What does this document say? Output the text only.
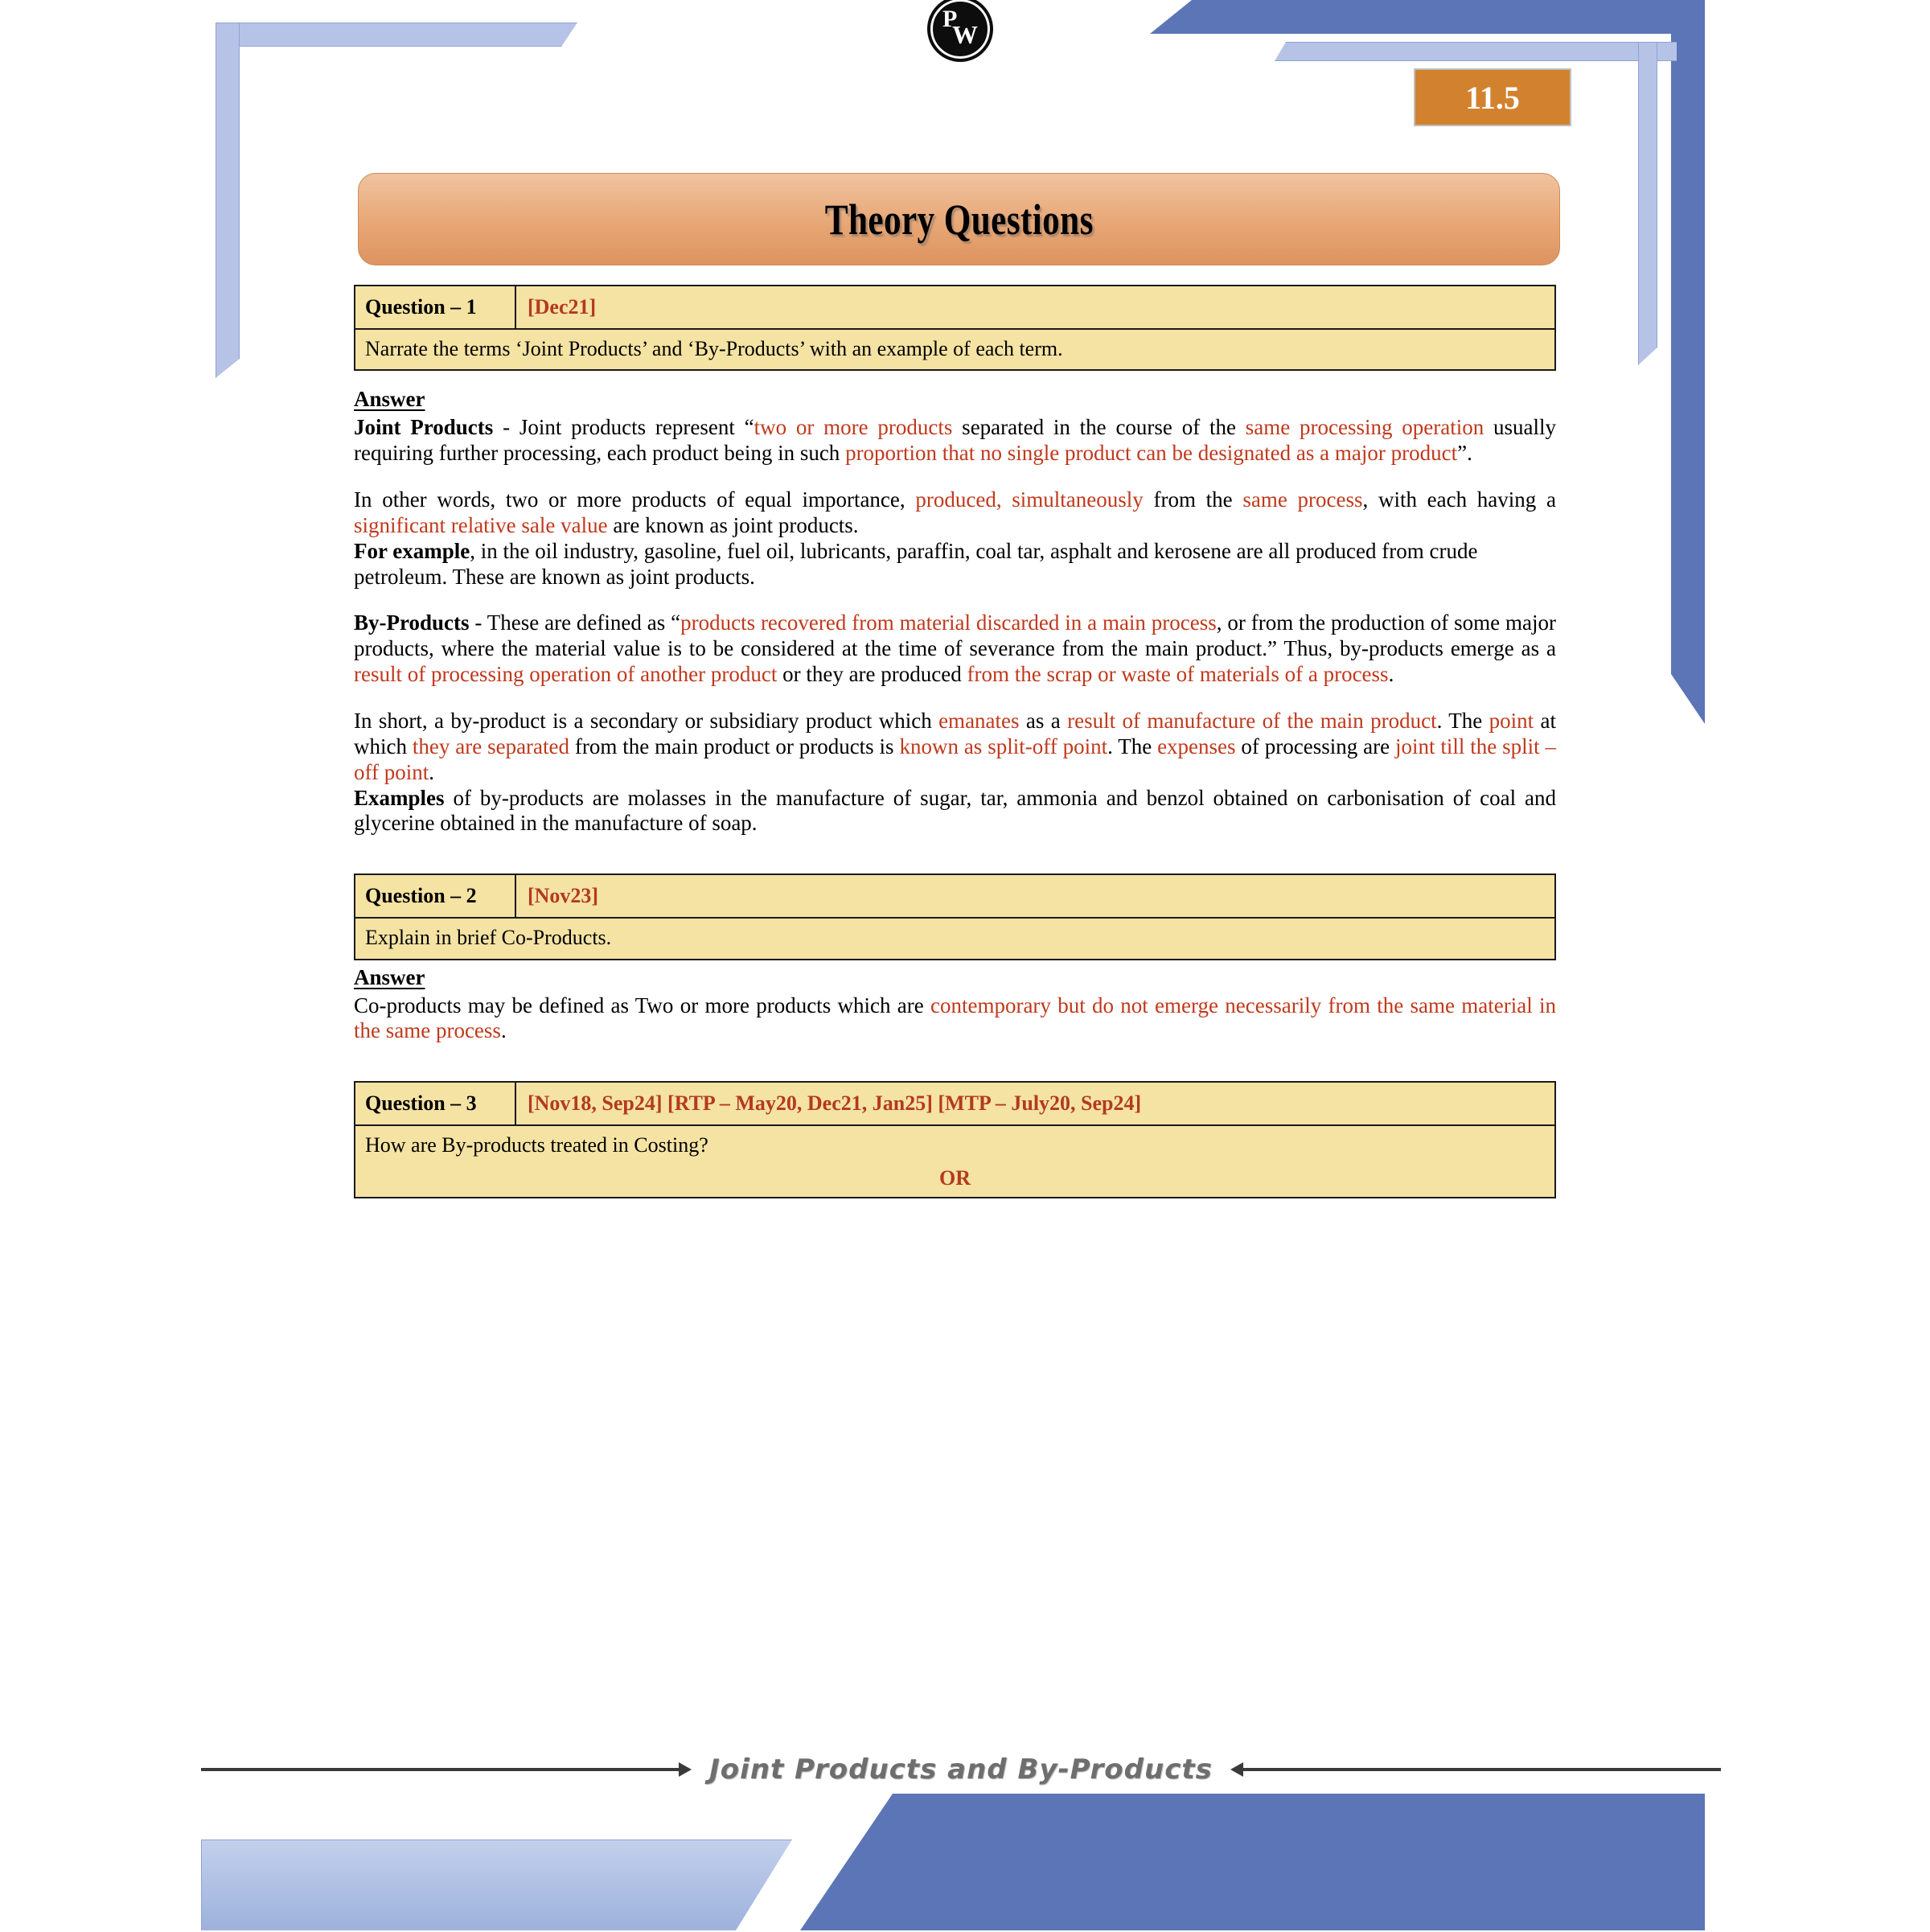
P
W
11.5
Theory Questions
Question – 1	[Dec21]
Narrate the terms ‘Joint Products’ and ‘By-Products’ with an example of each term.
Answer

Joint Products - Joint products represent “two or more products separated in the course of the same processing operation usually requiring further processing, each product being in such proportion that no single product can be designated as a major product”.

In other words, two or more products of equal importance, produced, simultaneously from the same process, with each having a significant relative sale value are known as joint products.

For example, in the oil industry, gasoline, fuel oil, lubricants, paraffin, coal tar, asphalt and kerosene are all produced from crude petroleum. These are known as joint products.

By-Products - These are defined as “products recovered from material discarded in a main process, or from the production of some major products, where the material value is to be considered at the time of severance from the main product.” Thus, by-products emerge as a result of processing operation of another product or they are produced from the scrap or waste of materials of a process.

In short, a by-product is a secondary or subsidiary product which emanates as a result of manufacture of the main product. The point at which they are separated from the main product or products is known as split-off point. The expenses of processing are joint till the split –off point.

Examples of by-products are molasses in the manufacture of sugar, tar, ammonia and benzol obtained on carbonisation of coal and glycerine obtained in the manufacture of soap.

Question – 2	[Nov23]
Explain in brief Co-Products.
Answer

Co-products may be defined as Two or more products which are contemporary but do not emerge necessarily from the same material in the same process.

Question – 3	[Nov18, Sep24] [RTP – May20, Dec21, Jan25] [MTP – July20, Sep24]
How are By-products treated in Costing?
OR
Joint Products and By-Products
